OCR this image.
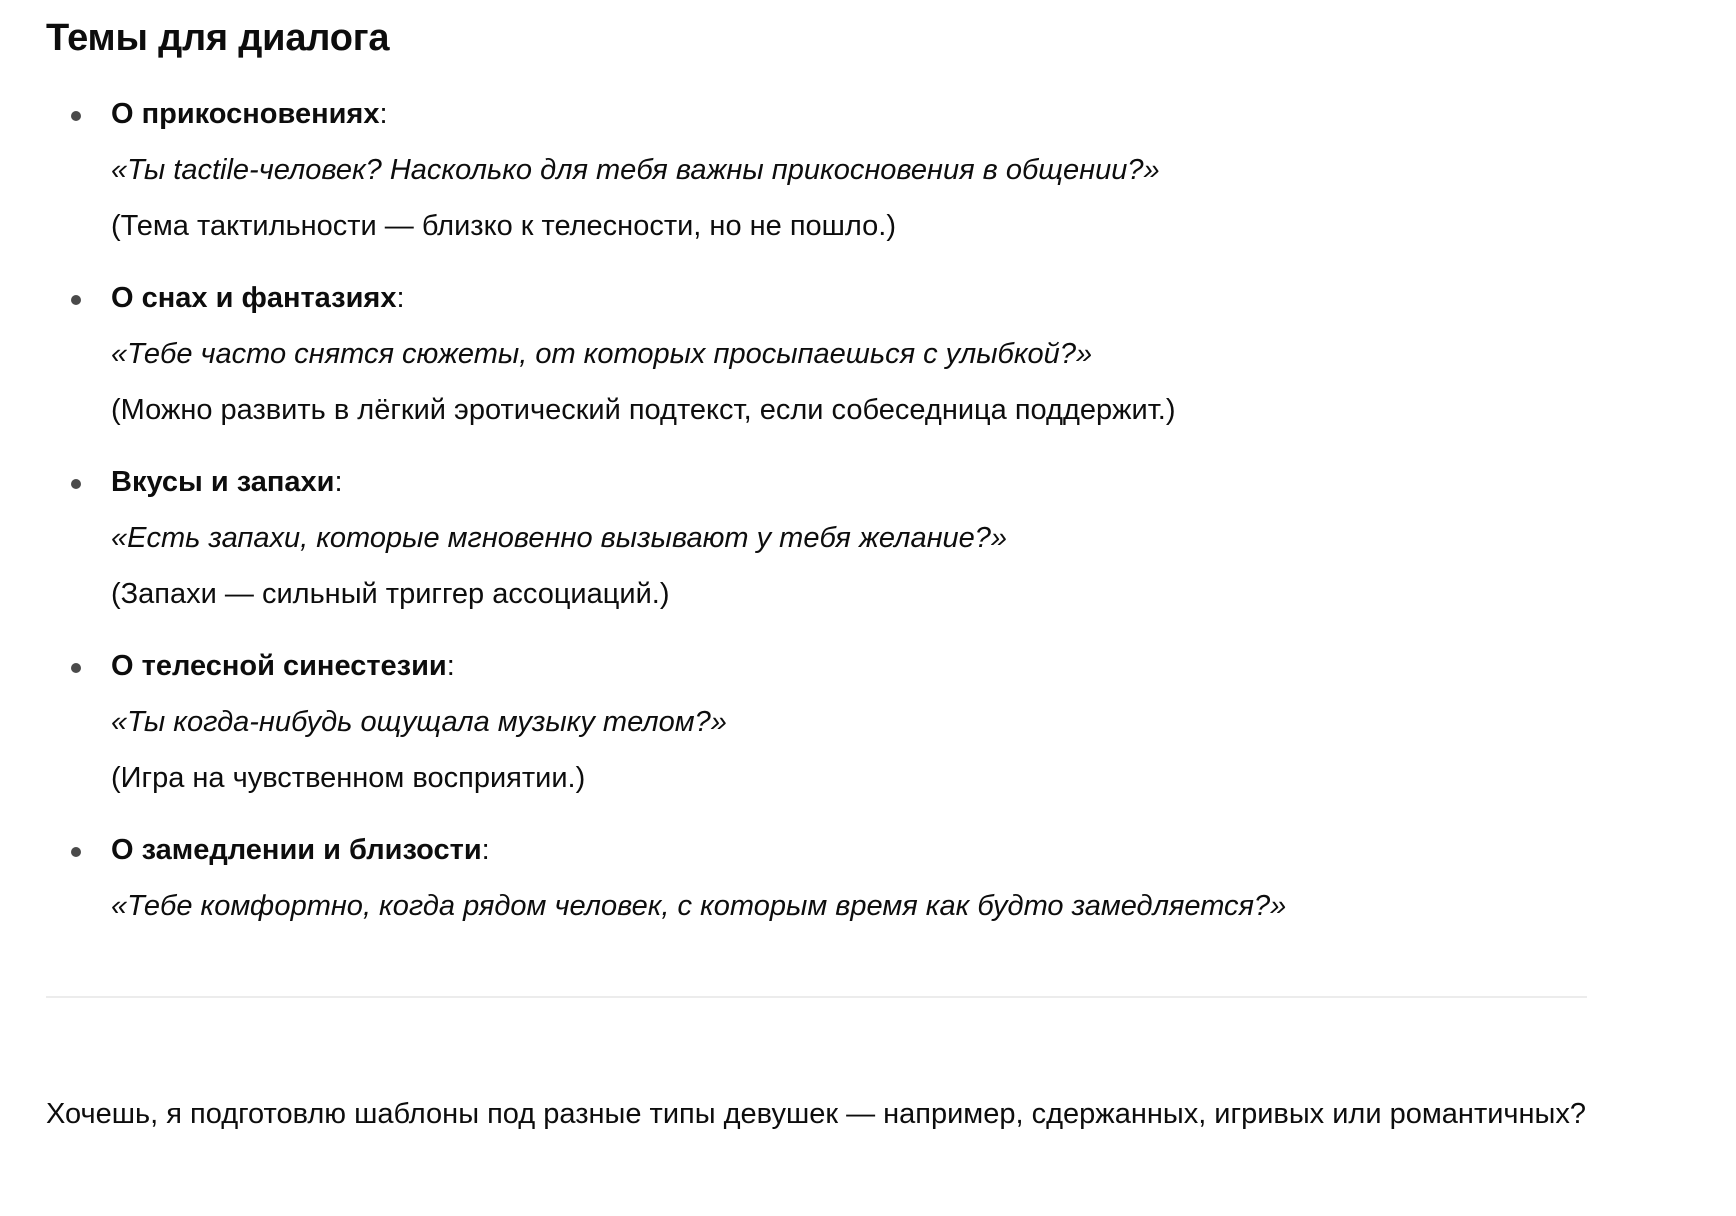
Темы для диалога
О прикосновениях:
«Ты tactile-человек? Насколько для тебя важны прикосновения в общении?»
(Тема тактильности — близко к телесности, но не пошло.)
О снах и фантазиях:
«Тебе часто снятся сюжеты, от которых просыпаешься с улыбкой?»
(Можно развить в лёгкий эротический подтекст, если собеседница поддержит.)
Вкусы и запахи:
«Есть запахи, которые мгновенно вызывают у тебя желание?»
(Запахи — сильный триггер ассоциаций.)
О телесной синестезии:
«Ты когда-нибудь ощущала музыку телом?»
(Игра на чувственном восприятии.)
О замедлении и близости:
«Тебе комфортно, когда рядом человек, с которым время как будто замедляется?»

Хочешь, я подготовлю шаблоны под разные типы девушек — например, сдержанных, игривых или романтичных?
